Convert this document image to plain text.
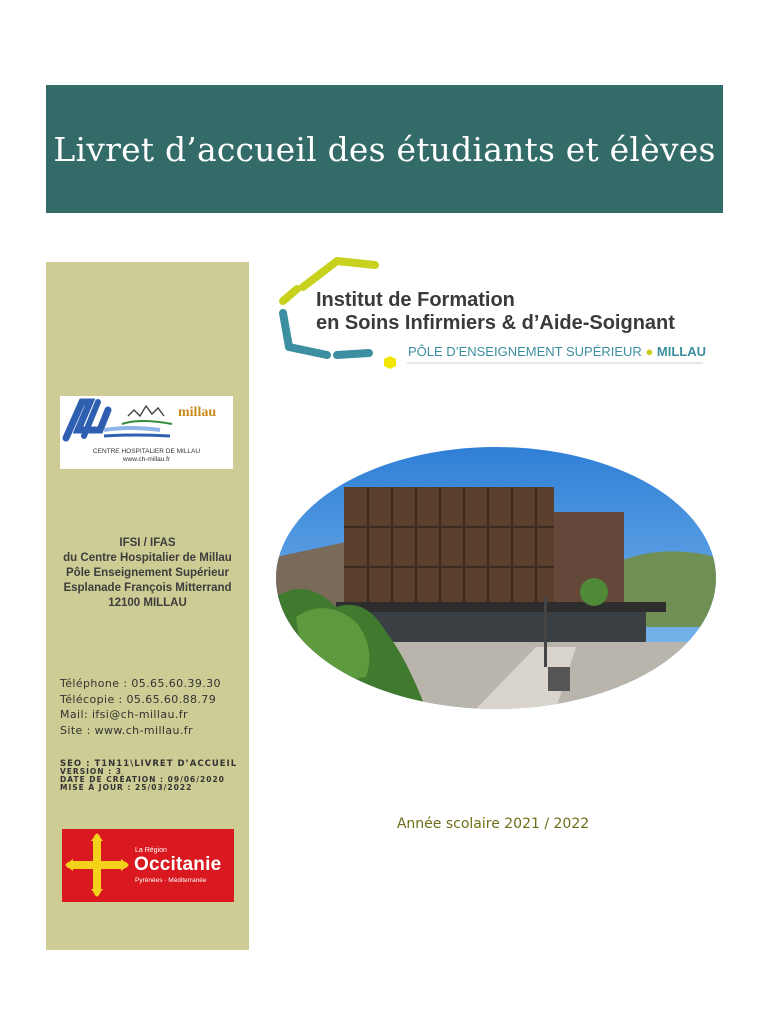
Livret d’accueil des étudiants et élèves
millau
CENTRE HOSPITALIER DE MILLAU
www.ch-millau.fr
IFSI / IFAS
du Centre Hospitalier de Millau
Pôle Enseignement Supérieur
Esplanade François Mitterrand
12100 MILLAU
Téléphone : 05.65.60.39.30
Télécopie : 05.65.60.88.79
Mail: ifsi@ch-millau.fr
Site : www.ch-millau.fr
SEO : T1N11\LIVRET D’ACCUEIL
VERSION : 3
DATE DE CRÉATION : 09/06/2020
MISE À JOUR : 25/03/2022
La Région
Occitanie
Pyrénées · Méditerranée
Institut de Formation
en Soins Infirmiers & d’Aide-Soignant
PÔLE D’ENSEIGNEMENT SUPÉRIEUR ● MILLAU
Année scolaire 2021 / 2022
